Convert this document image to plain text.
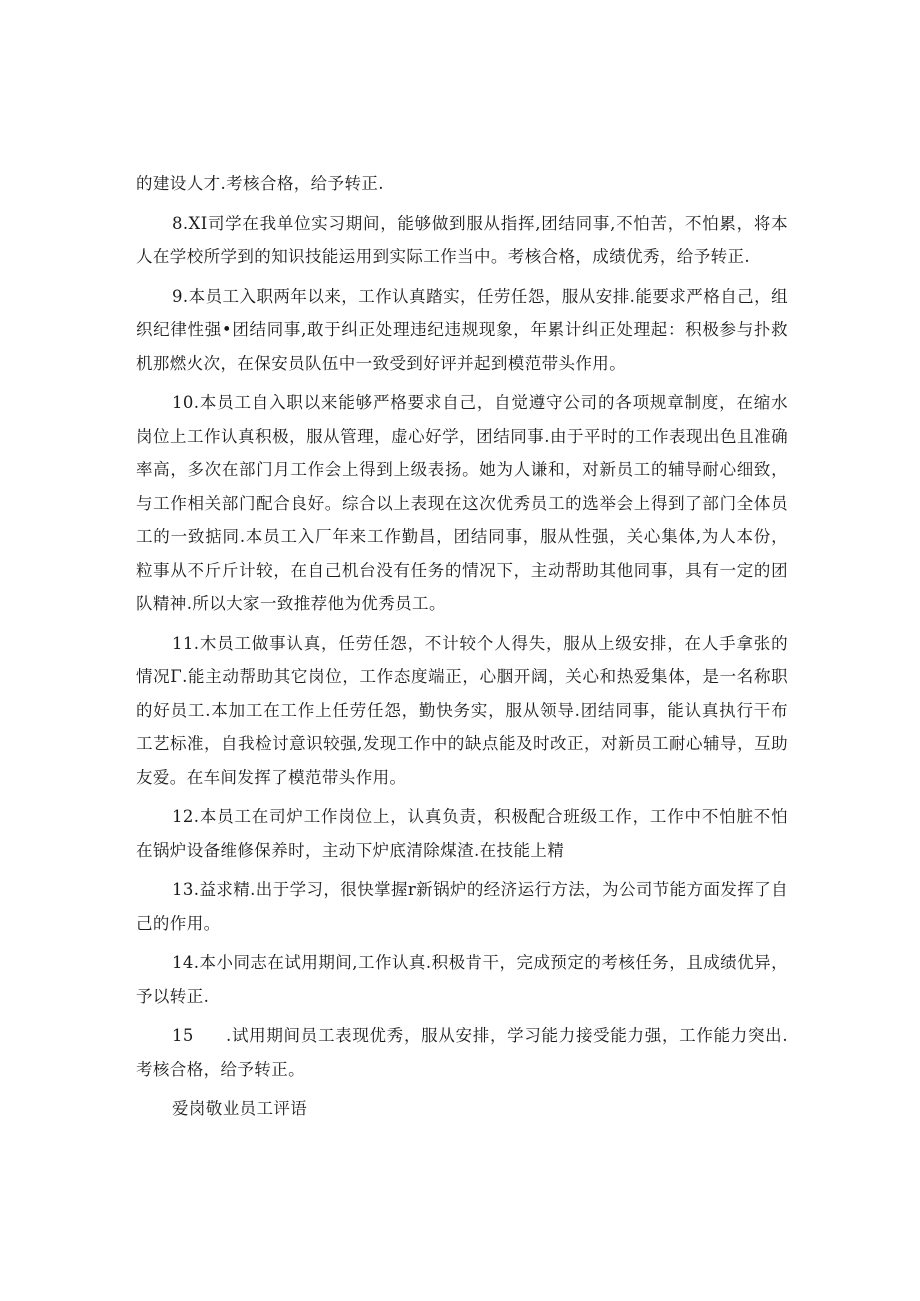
的建设人才.考核合格，给予转正.

8.XI司学在我单位实习期间，能够做到服从指挥,团结同事,不怕苦，不怕累，将本人在学校所学到的知识技能运用到实际工作当中。考核合格，成绩优秀，给予转正.

9.本员工入职两年以来，工作认真踏实，任劳任怨，服从安排.能要求严格自己，组织纪律性强•团结同事,敢于纠正处理违纪违规现象，年累计纠正处理起：积极参与扑救机那燃火次，在保安员队伍中一致受到好评并起到模范带头作用。

10.本员工自入职以来能够严格要求自己，自觉遵守公司的各项规章制度，在缩水岗位上工作认真积极，服从管理，虚心好学，团结同事.由于平时的工作表现出色且准确率高，多次在部门月工作会上得到上级表扬。她为人谦和，对新员工的辅导耐心细致，与工作相关部门配合良好。综合以上表现在这次优秀员工的选举会上得到了部门全体员工的一致掂同.本员工入厂年来工作勤昌，团结同事，服从性强，关心集体,为人本份，粒事从不斤斤计较，在自己机台没有任务的情况下，主动帮助其他同事，具有一定的团队精神.所以大家一致推荐他为优秀员工。

11.木员工做事认真，任劳任怨，不计较个人得失，服从上级安排，在人手拿张的情况Γ.能主动帮助其它岗位，工作态度端正，心胭开阔，关心和热爱集体，是一名称职的好员工.本加工在工作上任劳任怨，勤快务实，服从领导.团结同事，能认真执行干布工艺标准，自我检讨意识较强,发现工作中的缺点能及时改正，对新员工耐心辅导，互助友爱。在车间发挥了模范带头作用。

12.本员工在司炉工作岗位上，认真负责，积极配合班级工作，工作中不怕脏不怕在锅炉设备维修保养时，主动下炉底清除煤渣.在技能上精

13.益求精.出于学习，很快掌握r新锅炉的经济运行方法，为公司节能方面发挥了自己的作用。

14.本小同志在试用期间,工作认真.积极肯干，完成预定的考核任务，且成绩优异，予以转正.

15 .试用期间员工表现优秀，服从安排，学习能力接受能力强，工作能力突出.考核合格，给予转正。

爱岗敬业员工评语
